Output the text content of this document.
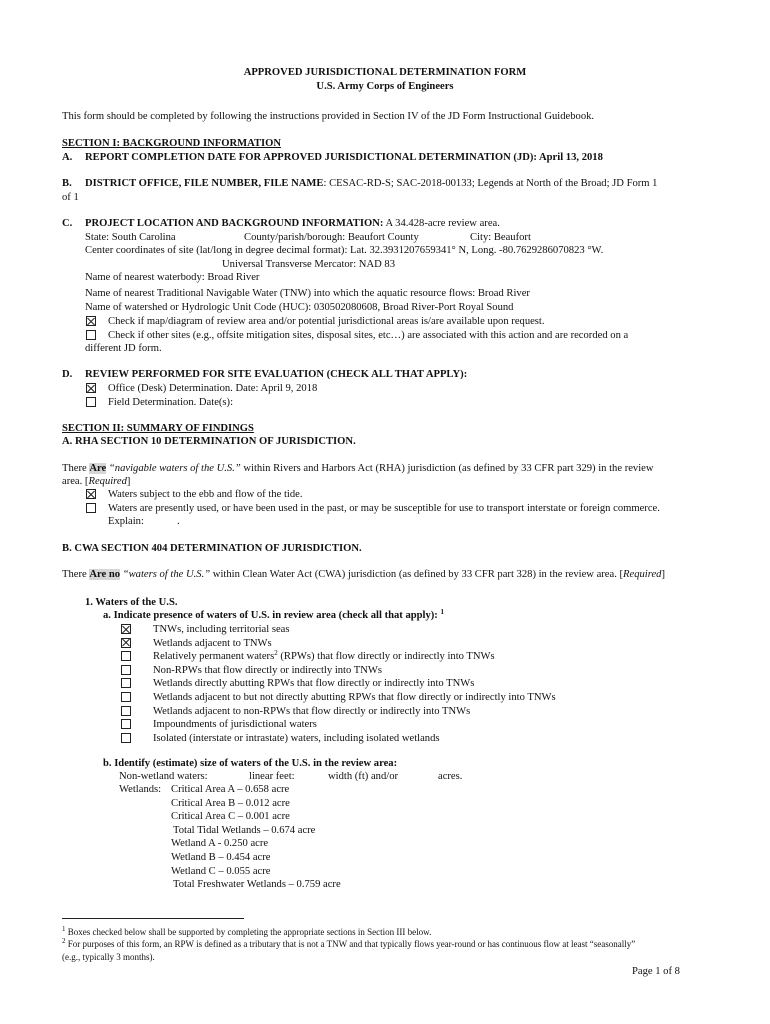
APPROVED JURISDICTIONAL DETERMINATION FORM
U.S. Army Corps of Engineers
This form should be completed by following the instructions provided in Section IV of the JD Form Instructional Guidebook.
SECTION I: BACKGROUND INFORMATION
A. REPORT COMPLETION DATE FOR APPROVED JURISDICTIONAL DETERMINATION (JD): April 13, 2018
B. DISTRICT OFFICE, FILE NUMBER, FILE NAME: CESAC-RD-S; SAC-2018-00133; Legends at North of the Broad; JD Form 1
of 1
C. PROJECT LOCATION AND BACKGROUND INFORMATION: A 34.428-acre review area.
State: South Carolina	County/parish/borough: Beaufort County	City: Beaufort
Center coordinates of site (lat/long in degree decimal format): Lat. 32.3931207659341° N, Long. -80.7629286070823 °W.
Universal Transverse Mercator: NAD 83
Name of nearest waterbody: Broad River
Name of nearest Traditional Navigable Water (TNW) into which the aquatic resource flows: Broad River
Name of watershed or Hydrologic Unit Code (HUC): 030502080608, Broad River-Port Royal Sound
Check if map/diagram of review area and/or potential jurisdictional areas is/are available upon request.
Check if other sites (e.g., offsite mitigation sites, disposal sites, etc…) are associated with this action and are recorded on a
different JD form.
D. REVIEW PERFORMED FOR SITE EVALUATION (CHECK ALL THAT APPLY):
Office (Desk) Determination. Date: April 9, 2018
Field Determination. Date(s):
SECTION II: SUMMARY OF FINDINGS
A. RHA SECTION 10 DETERMINATION OF JURISDICTION.
There Are “navigable waters of the U.S.” within Rivers and Harbors Act (RHA) jurisdiction (as defined by 33 CFR part 329) in the review
area. [Required]
Waters subject to the ebb and flow of the tide.
Waters are presently used, or have been used in the past, or may be susceptible for use to transport interstate or foreign commerce.
Explain:	.
B. CWA SECTION 404 DETERMINATION OF JURISDICTION.
There Are no “waters of the U.S.” within Clean Water Act (CWA) jurisdiction (as defined by 33 CFR part 328) in the review area. [Required]
1. Waters of the U.S.
a. Indicate presence of waters of U.S. in review area (check all that apply): $^1$
TNWs, including territorial seas
Wetlands adjacent to TNWs
Relatively permanent waters$^2$ (RPWs) that flow directly or indirectly into TNWs
Non-RPWs that flow directly or indirectly into TNWs
Wetlands directly abutting RPWs that flow directly or indirectly into TNWs
Wetlands adjacent to but not directly abutting RPWs that flow directly or indirectly into TNWs
Wetlands adjacent to non-RPWs that flow directly or indirectly into TNWs
Impoundments of jurisdictional waters
Isolated (interstate or intrastate) waters, including isolated wetlands
b. Identify (estimate) size of waters of the U.S. in the review area:
Non-wetland waters:	linear feet:	width (ft) and/or	acres.
Wetlands: Critical Area A – 0.658 acre
Critical Area B – 0.012 acre
Critical Area C – 0.001 acre
Total Tidal Wetlands – 0.674 acre
Wetland A - 0.250 acre
Wetland B – 0.454 acre
Wetland C – 0.055 acre
Total Freshwater Wetlands – 0.759 acre
$^1$ Boxes checked below shall be supported by completing the appropriate sections in Section III below.
$^2$ For purposes of this form, an RPW is defined as a tributary that is not a TNW and that typically flows year-round or has continuous flow at least “seasonally”
(e.g., typically 3 months).
Page 1 of 8
